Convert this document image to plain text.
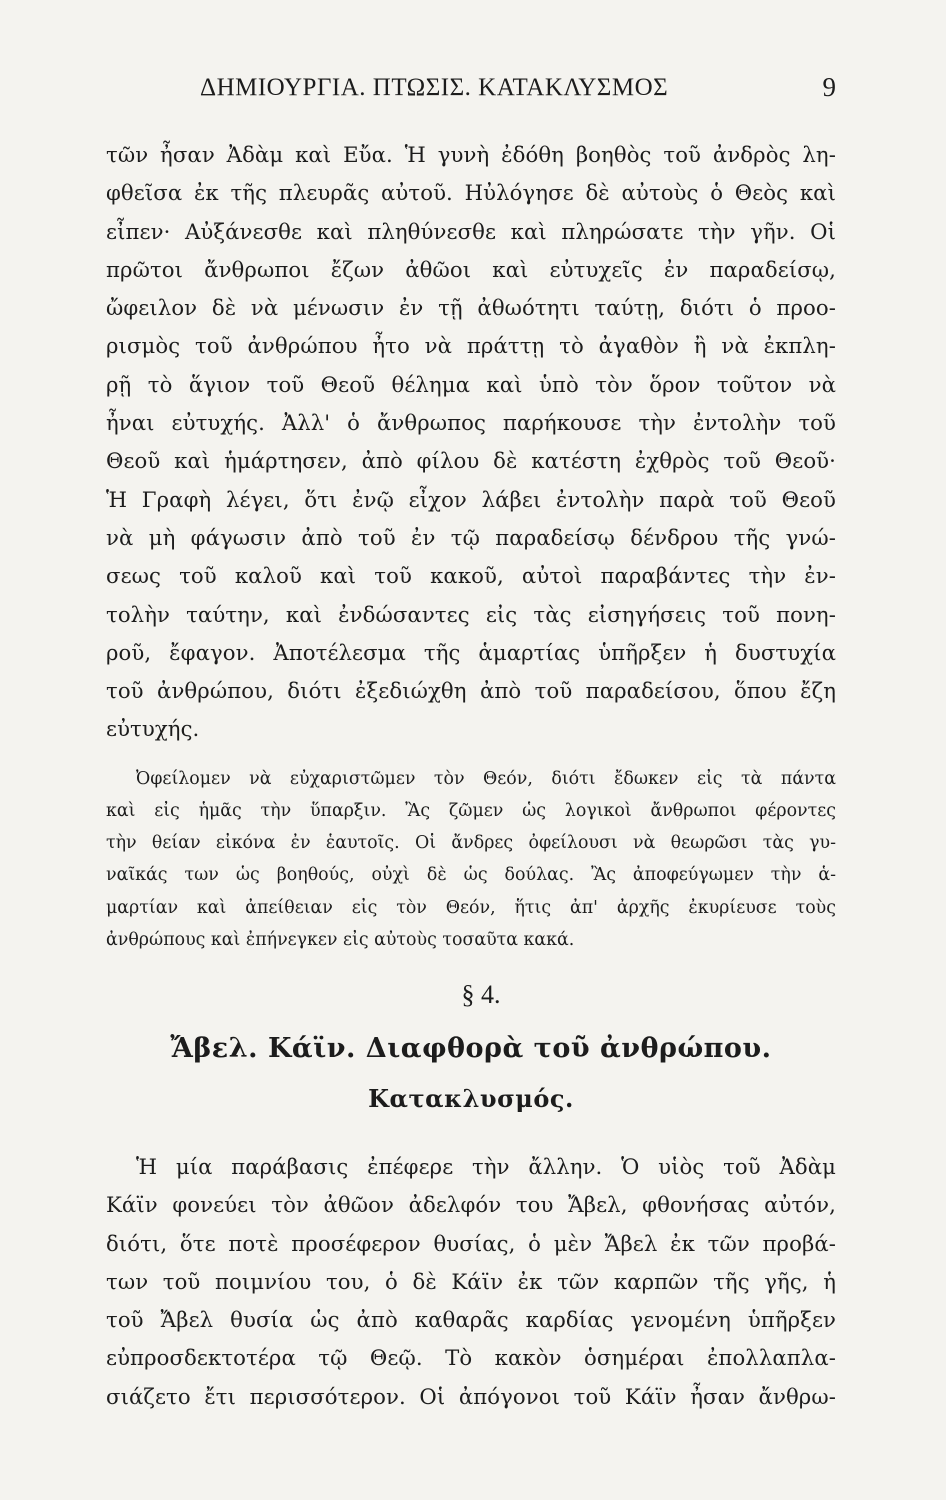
ΔΗΜΙΟΥΡΓΙΑ. ΠΤΩΣΙΣ. ΚΑΤΑΚΛΥΣΜΟΣ	9
τῶν ἦσαν Ἀδὰμ καὶ Εὔα. Ἡ γυνὴ ἐδόθη βοηθὸς τοῦ ἀνδρὸς λη-
φθεῖσα ἐκ τῆς πλευρᾶς αὐτοῦ. Ηὐλόγησε δὲ αὐτοὺς ὁ Θεὸς καὶ
εἶπεν· Αὐξάνεσθε καὶ πληθύνεσθε καὶ πληρώσατε τὴν γῆν. Οἱ
πρῶτοι ἄνθρωποι ἔζων ἀθῶοι καὶ εὐτυχεῖς ἐν παραδείσῳ,
ὤφειλον δὲ νὰ μένωσιν ἐν τῇ ἀθωότητι ταύτῃ, διότι ὁ προο-
ρισμὸς τοῦ ἀνθρώπου ἦτο νὰ πράττῃ τὸ ἀγαθὸν ἢ νὰ ἐκπλη-
ρῇ τὸ ἅγιον τοῦ Θεοῦ θέλημα καὶ ὑπὸ τὸν ὅρον τοῦτον νὰ
ἦναι εὐτυχής. Ἀλλ' ὁ ἄνθρωπος παρήκουσε τὴν ἐντολὴν τοῦ
Θεοῦ καὶ ἡμάρτησεν, ἀπὸ φίλου δὲ κατέστη ἐχθρὸς τοῦ Θεοῦ·
Ἡ Γραφὴ λέγει, ὅτι ἐνῷ εἶχον λάβει ἐντολὴν παρὰ τοῦ Θεοῦ
νὰ μὴ φάγωσιν ἀπὸ τοῦ ἐν τῷ παραδείσῳ δένδρου τῆς γνώ-
σεως τοῦ καλοῦ καὶ τοῦ κακοῦ, αὐτοὶ παραβάντες τὴν ἐν-
τολὴν ταύτην, καὶ ἐνδώσαντες εἰς τὰς εἰσηγήσεις τοῦ πονη-
ροῦ, ἔφαγον. Ἀποτέλεσμα τῆς ἁμαρτίας ὑπῆρξεν ἡ δυστυχία
τοῦ ἀνθρώπου, διότι ἐξεδιώχθη ἀπὸ τοῦ παραδείσου, ὅπου ἔζη
εὐτυχής.
Ὀφείλομεν νὰ εὐχαριστῶμεν τὸν Θεόν, διότι ἔδωκεν εἰς τὰ πάντα
καὶ εἰς ἡμᾶς τὴν ὕπαρξιν. Ἂς ζῶμεν ὡς λογικοὶ ἄνθρωποι φέροντες
τὴν θείαν εἰκόνα ἐν ἑαυτοῖς. Οἱ ἄνδρες ὀφείλουσι νὰ θεωρῶσι τὰς γυ-
ναῖκάς των ὡς βοηθούς, οὐχὶ δὲ ὡς δούλας. Ἂς ἀποφεύγωμεν τὴν ἁ-
μαρτίαν καὶ ἀπείθειαν εἰς τὸν Θεόν, ἥτις ἀπ' ἀρχῆς ἐκυρίευσε τοὺς
ἀνθρώπους καὶ ἐπήνεγκεν εἰς αὐτοὺς τοσαῦτα κακά.
§ 4.
Ἄβελ. Κάϊν. Διαφθορὰ τοῦ ἀνθρώπου.
Κατακλυσμός.
Ἡ μία παράβασις ἐπέφερε τὴν ἄλλην. Ὁ υἱὸς τοῦ Ἀδὰμ
Κάϊν φονεύει τὸν ἀθῶον ἀδελφόν του Ἄβελ, φθονήσας αὐτόν,
διότι, ὅτε ποτὲ προσέφερον θυσίας, ὁ μὲν Ἄβελ ἐκ τῶν προβά-
των τοῦ ποιμνίου του, ὁ δὲ Κάϊν ἐκ τῶν καρπῶν τῆς γῆς, ἡ
τοῦ Ἄβελ θυσία ὡς ἀπὸ καθαρᾶς καρδίας γενομένη ὑπῆρξεν
εὐπροσδεκτοτέρα τῷ Θεῷ. Τὸ κακὸν ὁσημέραι ἐπολλαπλα-
σιάζετο ἔτι περισσότερον. Οἱ ἀπόγονοι τοῦ Κάϊν ἦσαν ἄνθρω-
